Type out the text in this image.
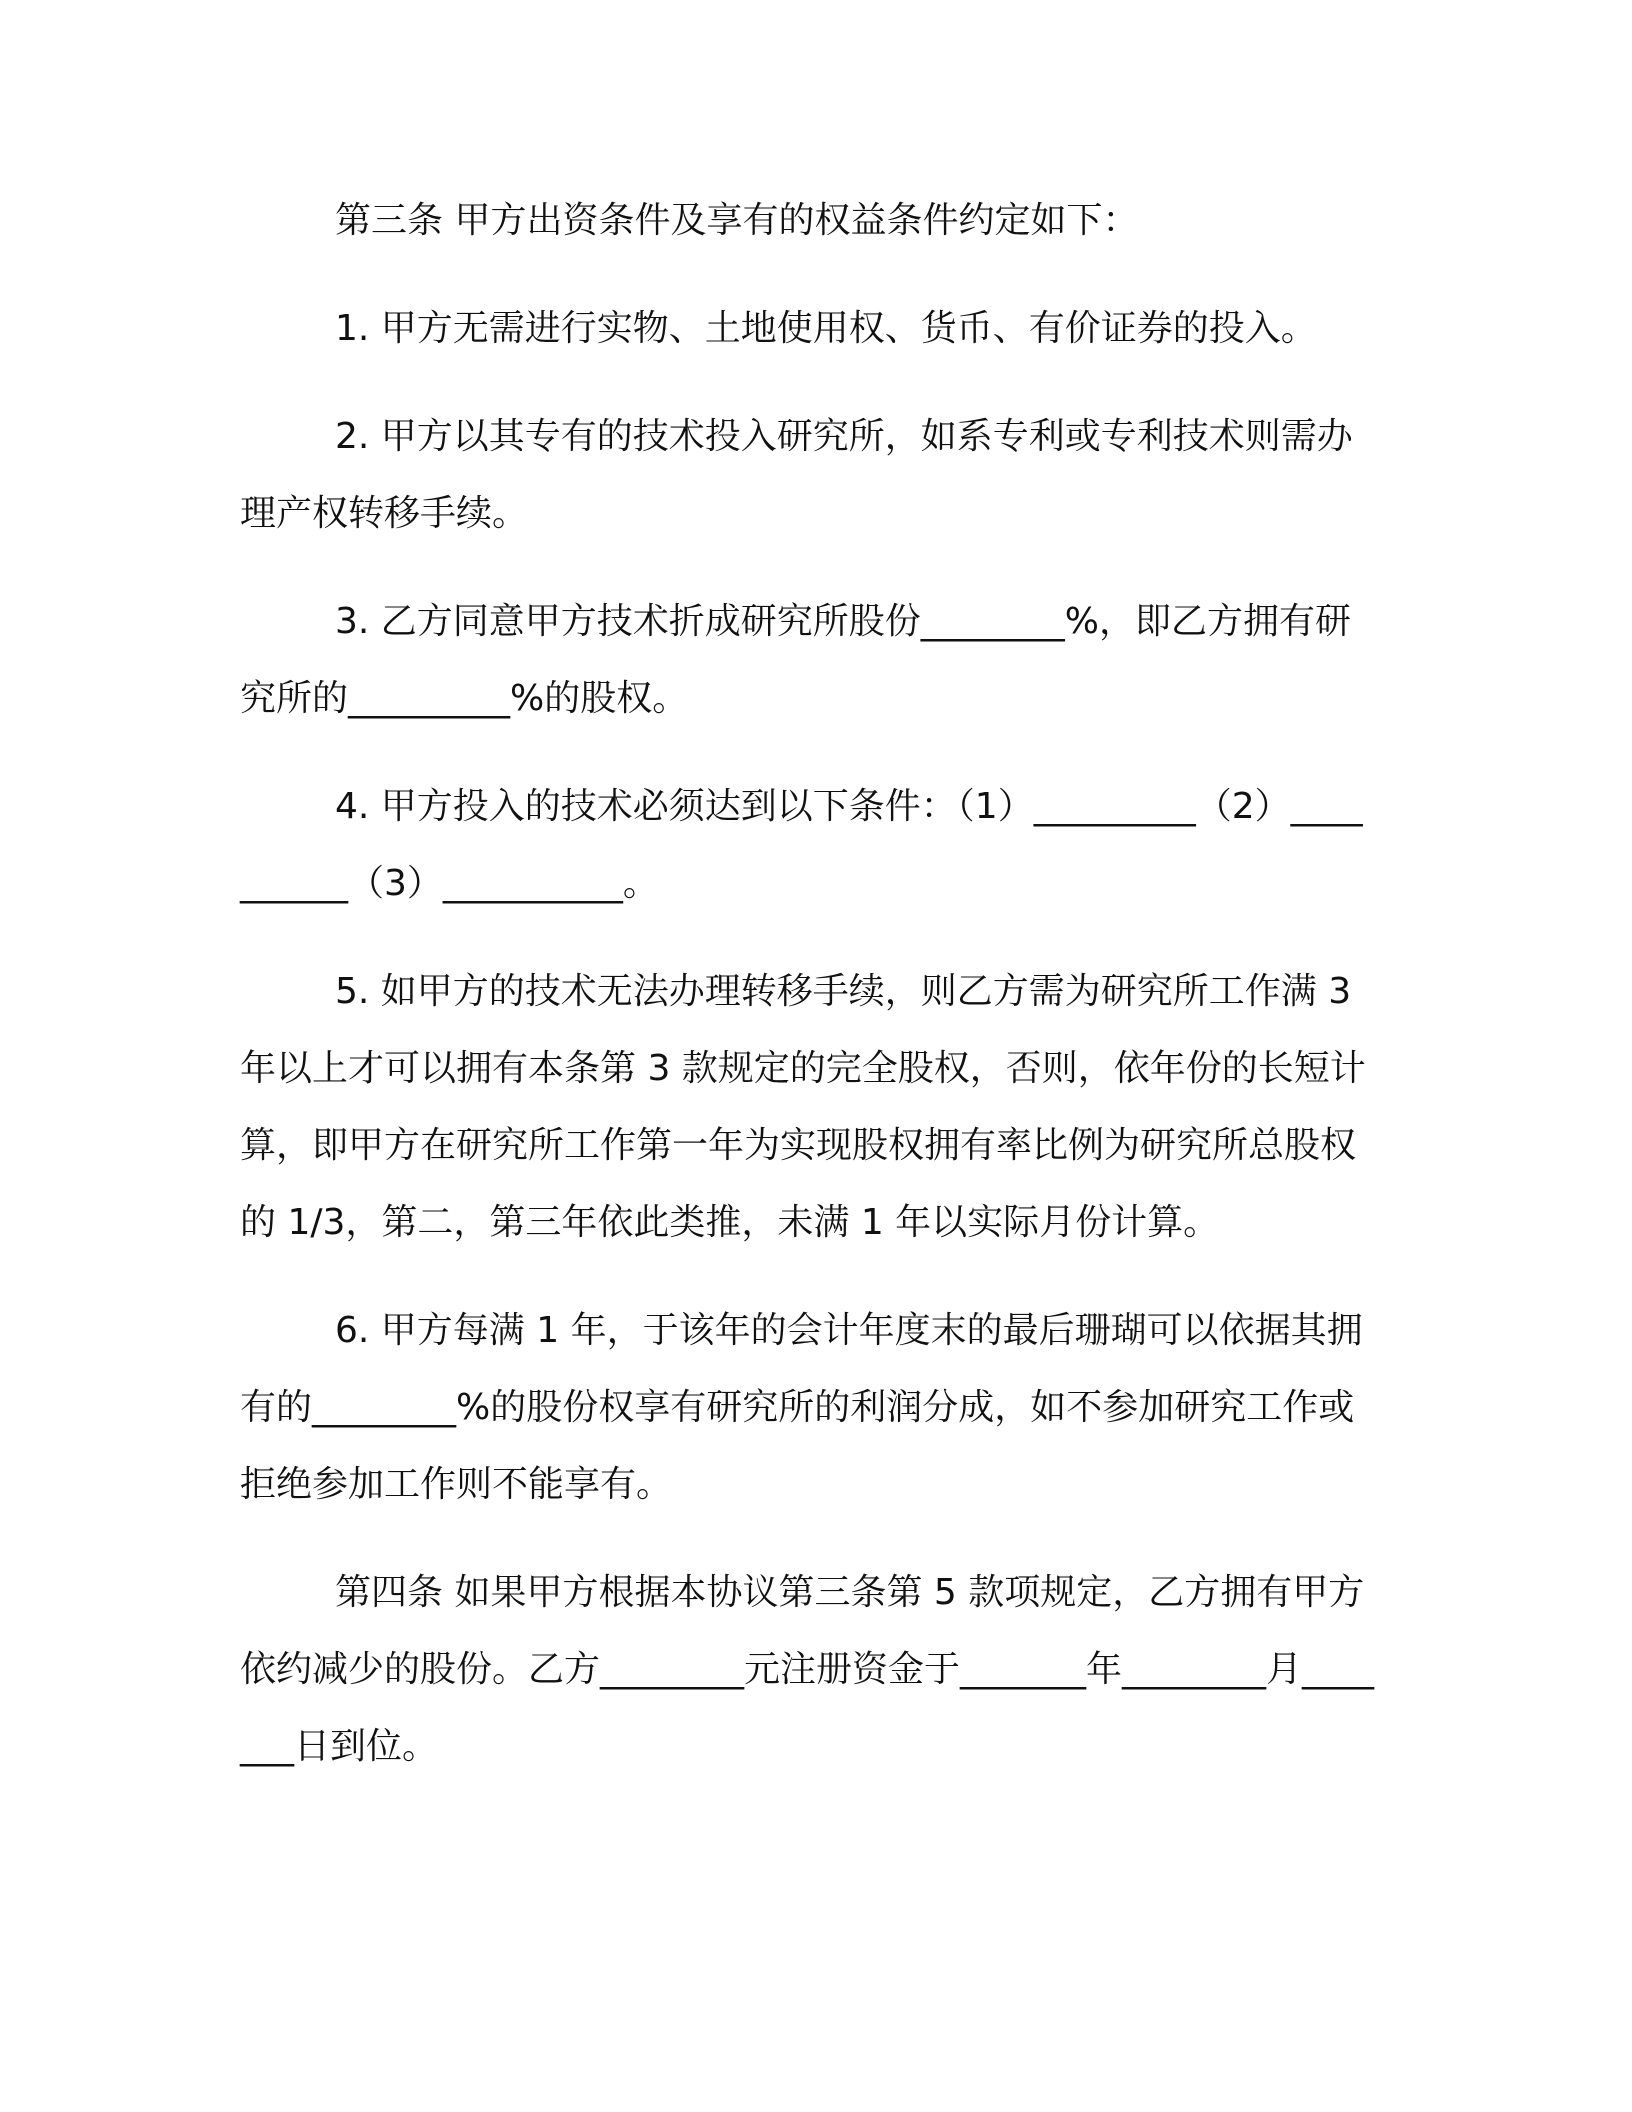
第三条 甲方出资条件及享有的权益条件约定如下：

1. 甲方无需进行实物、土地使用权、货币、有价证券的投入。

2. 甲方以其专有的技术投入研究所，如系专利或专利技术则需办理产权转移手续。

3. 乙方同意甲方技术折成研究所股份________%，即乙方拥有研究所的_________%的股权。

4. 甲方投入的技术必须达到以下条件：（1）_________（2）__________（3）__________。

5. 如甲方的技术无法办理转移手续，则乙方需为研究所工作满 3 年以上才可以拥有本条第 3 款规定的完全股权，否则，依年份的长短计算，即甲方在研究所工作第一年为实现股权拥有率比例为研究所总股权的 1/3，第二，第三年依此类推，未满 1 年以实际月份计算。

6. 甲方每满 1 年，于该年的会计年度末的最后珊瑚可以依据其拥有的________%的股份权享有研究所的利润分成，如不参加研究工作或拒绝参加工作则不能享有。

第四条 如果甲方根据本协议第三条第 5 款项规定，乙方拥有甲方依约减少的股份。乙方________元注册资金于_______年________月_______日到位。
